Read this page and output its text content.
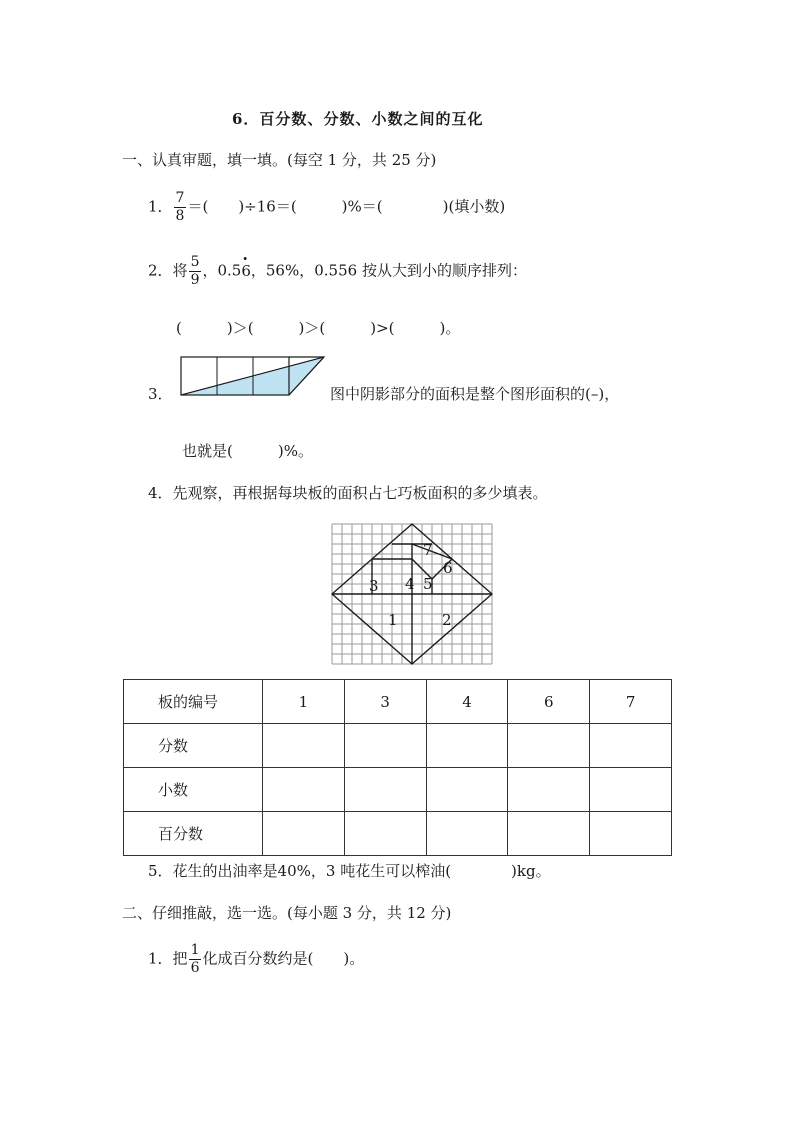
6．百分数、分数、小数之间的互化
一、认真审题，填一填。(每空 1 分，共 25 分)
1． $\frac{7}{8}$ ＝(　　)÷16＝(　　　)%＝(　　　　)(填小数)
2．将 $\frac{5}{9}$ ，0.5· 6，56%，0.556 按从大到小的顺序排列：
(　　　)＞(　　　)＞(　　　)>(　　　)。
3．	图中阴影部分的面积是整个图形面积的(–)，
也就是(　　　)%。
4．先观察，再根据每块板的面积占七巧板面积的多少填表。
1	2
3 4 5
6
7
板的编号	1	3	4	6	7
分数					
小数					
百分数					
5．花生的出油率是40%，3 吨花生可以榨油(　　　　)kg。
二、仔细推敲，选一选。(每小题 3 分，共 12 分)
1．把 $\frac{1}{6}$ 化成百分数约是(　　)。
